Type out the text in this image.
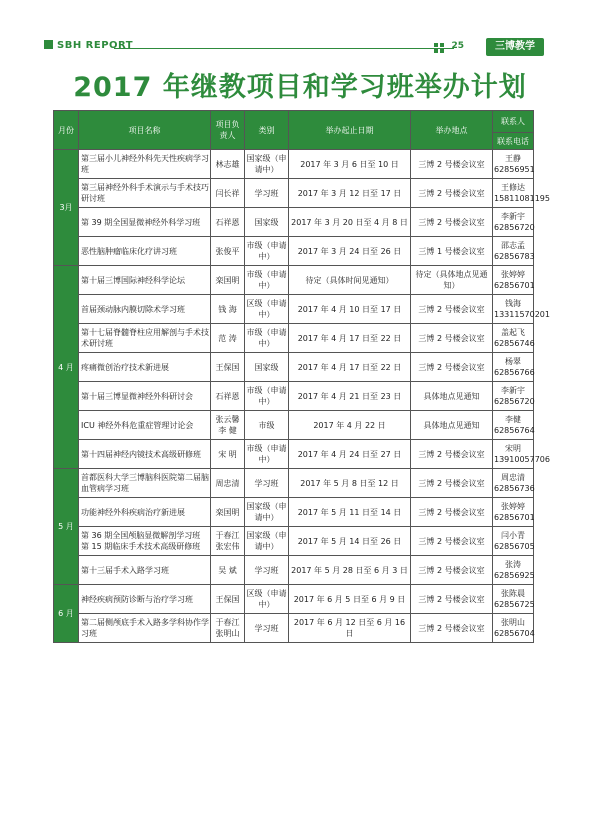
SBH REPORT	25	三博教学
2017 年继教项目和学习班举办计划
月份	项目名称	项目负责人	类别	举办起止日期	举办地点	联系人
						联系电话
3月	第三届小儿神经外科先天性疾病学习班	林志雄	国家级（申请中）	2017 年 3 月 6 日至 10 日	三博 2 号楼会议室	王静
62856951

	第三届神经外科手术演示与手术技巧研讨班	闫长祥	学习班	2017 年 3 月 12 日至 17 日	三博 2 号楼会议室	王修达
15811081195

	第 39 期全国显微神经外科学习班	石祥恩	国家级	2017 年 3 月 20 日至 4 月 8 日	三博 2 号楼会议室	李新宇
62856720

	恶性脑肿瘤临床化疗讲习班	张俊平	市级（申请中）	2017 年 3 月 24 日至 26 日	三博 1 号楼会议室	邵志孟
62856783

4 月	第十届三博国际神经科学论坛	栾国明	市级（申请中）	待定（具体时间见通知）	待定（具体地点见通知）	张婷婷
62856701

	首届颈动脉内膜切除术学习班	钱 海	区级（申请中）	2017 年 4 月 10 日至 17 日	三博 2 号楼会议室	钱海
13311570201

	第十七届脊髓脊柱应用解剖与手术技术研讨班	范 涛	市级（申请中）	2017 年 4 月 17 日至 22 日	三博 2 号楼会议室	盖起飞
62856746

	疼痛微创治疗技术新进展	王保国	国家级	2017 年 4 月 17 日至 22 日	三博 2 号楼会议室	杨翠
62856766

	第十届三博显微神经外科研讨会	石祥恩	市级（申请中）	2017 年 4 月 21 日至 23 日	具体地点见通知	李新宇
62856720

	ICU 神经外科危重症管理讨论会	张云馨 李 健	市级	2017 年 4 月 22 日	具体地点见通知	李健
62856764

	第十四届神经内镜技术高级研修班	宋 明	市级（申请中）	2017 年 4 月 24 日至 27 日	三博 2 号楼会议室	宋明
13910057706

5 月	首都医科大学三博脑科医院第二届脑血管病学习班	周忠清	学习班	2017 年 5 月 8 日至 12 日	三博 2 号楼会议室	周忠清
62856736

	功能神经外科疾病治疗新进展	栾国明	国家级（申请中）	2017 年 5 月 11 日至 14 日	三博 2 号楼会议室	张婷婷
62856701

	第 36 期全国颅脑显微解剖学习班 第 15 期临床手术技术高级研修班	于春江 张宏伟	国家级（申请中）	2017 年 5 月 14 日至 26 日	三博 2 号楼会议室	闫小青
62856705

	第十三届手术入路学习班	吴 斌	学习班	2017 年 5 月 28 日至 6 月 3 日	三博 2 号楼会议室	张涛
62856925

6 月	神经疾病预防诊断与治疗学习班	王保国	区级（申请中）	2017 年 6 月 5 日至 6 月 9 日	三博 2 号楼会议室	张陈晨
62856725

	第二届侧颅底手术入路多学科协作学习班	于春江 张明山	学习班	2017 年 6 月 12 日至 6 月 16 日	三博 2 号楼会议室	张明山
62856704
